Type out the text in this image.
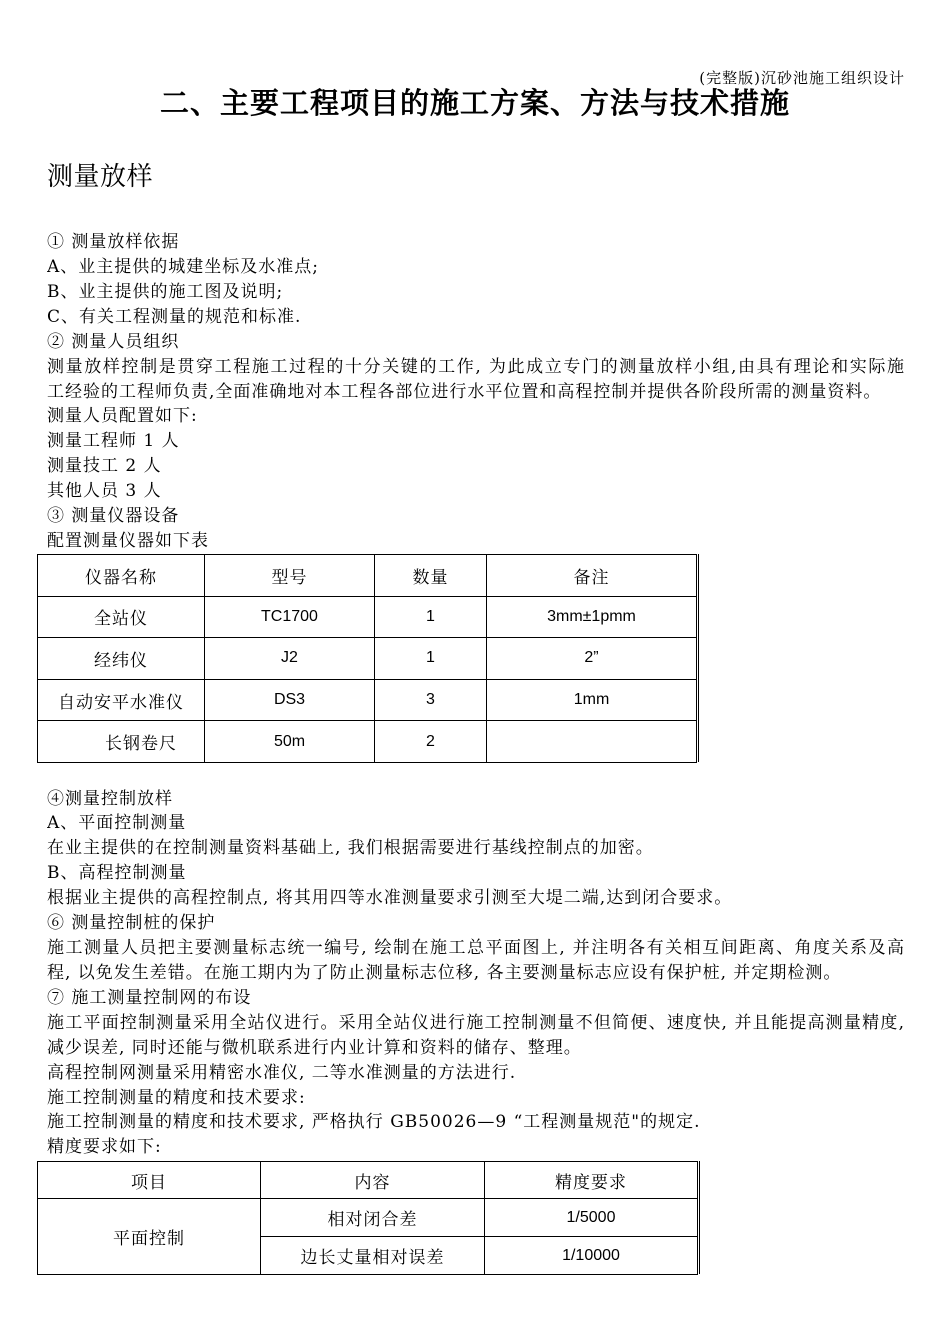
(完整版)沉砂池施工组织设计
二、主要工程项目的施工方案、方法与技术措施
测量放样
① 测量放样依据
A、业主提供的城建坐标及水准点;
B、业主提供的施工图及说明;
C、有关工程测量的规范和标准.
② 测量人员组织
测量放样控制是贯穿工程施工过程的十分关键的工作, 为此成立专门的测量放样小组,由具有理论和实际施
工经验的工程师负责,全面准确地对本工程各部位进行水平位置和高程控制并提供各阶段所需的测量资料。
测量人员配置如下:
测量工程师 1 人
测量技工 2 人
其他人员 3 人
③ 测量仪器设备
配置测量仪器如下表
仪器名称	型号	数量	备注
全站仪	TC1700	1	3mm±1pmm
经纬仪	J2	1	2”
自动安平水准仪	DS3	3	1mm
长钢卷尺	50m	2	
④测量控制放样
A、平面控制测量
在业主提供的在控制测量资料基础上, 我们根据需要进行基线控制点的加密。
B、高程控制测量
根据业主提供的高程控制点, 将其用四等水准测量要求引测至大堤二端,达到闭合要求。
⑥ 测量控制桩的保护
施工测量人员把主要测量标志统一编号, 绘制在施工总平面图上, 并注明各有关相互间距离、角度关系及高
程, 以免发生差错。在施工期内为了防止测量标志位移, 各主要测量标志应设有保护桩, 并定期检测。
⑦ 施工测量控制网的布设
施工平面控制测量采用全站仪进行。采用全站仪进行施工控制测量不但简便、速度快, 并且能提高测量精度,
减少误差, 同时还能与微机联系进行内业计算和资料的储存、整理。
高程控制网测量采用精密水准仪, 二等水准测量的方法进行.
施工控制测量的精度和技术要求:
施工控制测量的精度和技术要求, 严格执行 GB50026—9 “工程测量规范"的规定.
精度要求如下:
项目	内容	精度要求
平面控制	相对闭合差	1/5000
	边长丈量相对误差	1/10000
